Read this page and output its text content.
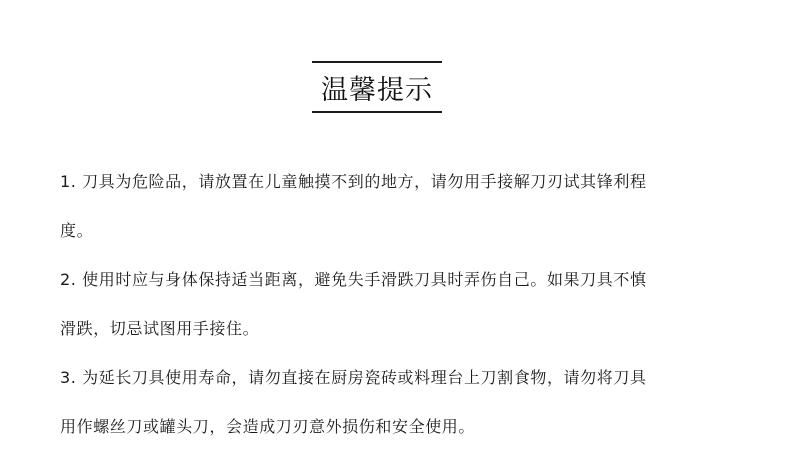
温馨提示
1. 刀具为危险品，请放置在儿童触摸不到的地方，请勿用手接解刀刃试其锋利程
度。
2. 使用时应与身体保持适当距离，避免失手滑跌刀具时弄伤自己。如果刀具不慎
滑跌，切忌试图用手接住。
3. 为延长刀具使用寿命，请勿直接在厨房瓷砖或料理台上刀割食物，请勿将刀具
用作螺丝刀或罐头刀，会造成刀刃意外损伤和安全使用。
